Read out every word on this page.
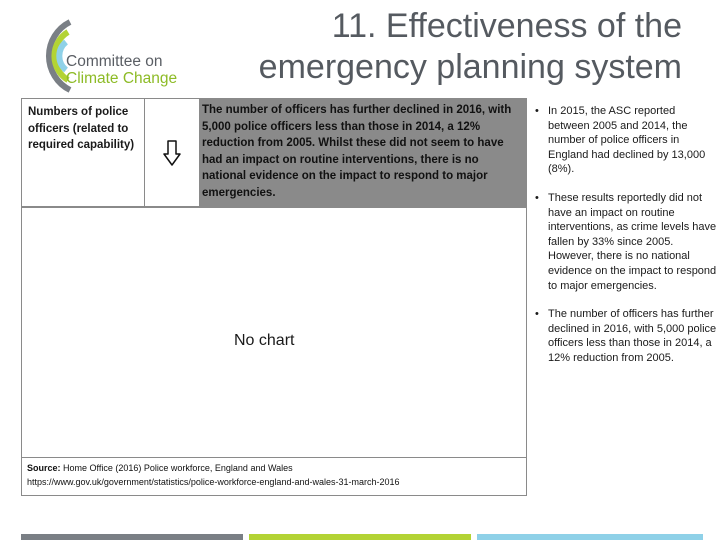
Committee on
Climate Change
11. Effectiveness of the emergency planning system
Numbers of police officers (related to required capability)
The number of officers has further declined in 2016, with 5,000 police officers less than those in 2014, a 12% reduction from 2005. Whilst these did not seem to have had an impact on routine interventions, there is no national evidence on the impact to respond to major emergencies.
No chart
Source: Home Office (2016) Police workforce, England and Wales
https://www.gov.uk/government/statistics/police-workforce-england-and-wales-31-march-2016
• In 2015, the ASC reported between 2005 and 2014, the number of police officers in England had declined by 13,000 (8%).
• These results reportedly did not have an impact on routine interventions, as crime levels have fallen by 33% since 2005. However, there is no national evidence on the impact to respond to major emergencies.
• The number of officers has further declined in 2016, with 5,000 police officers less than those in 2014, a 12% reduction from 2005.
